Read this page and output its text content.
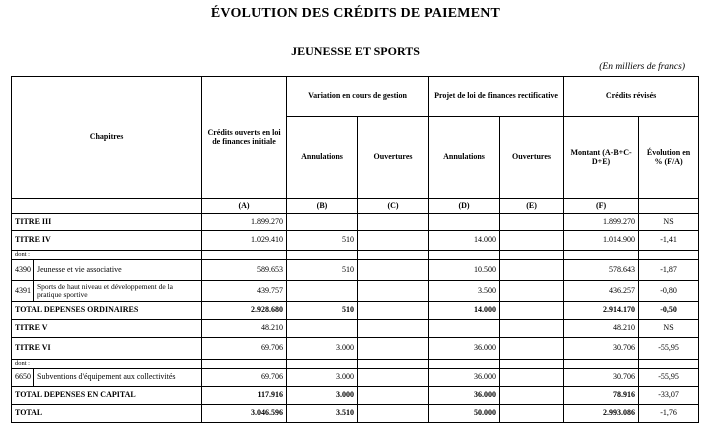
ÉVOLUTION DES CRÉDITS DE PAIEMENT
JEUNESSE ET SPORTS
(En milliers de francs)
Chapitres		Crédits ouverts en loi de finances initiale	Variation en cours de gestion		Projet de loi de finances rectificative		Crédits révisés	
			Annulations	Ouvertures	Annulations	Ouvertures	Montant (A-B+C-D+E)	Évolution en % (F/A)
		(A)	(B)	(C)	(D)	(E)	(F)	
TITRE III		1.899.270					1.899.270	NS
TITRE IV		1.029.410	510		14.000		1.014.900	-1,41
dont :								
4390	Jeunesse et vie associative	589.653	510		10.500		578.643	-1,87
4391	Sports de haut niveau et développement de la pratique sportive	439.757			3.500		436.257	-0,80
TOTAL DEPENSES ORDINAIRES		2.928.680	510		14.000		2.914.170	-0,50
TITRE V		48.210					48.210	NS
TITRE VI		69.706	3.000		36.000		30.706	-55,95
dont :								
6650	Subventions d'équipement aux collectivités	69.706	3.000		36.000		30.706	-55,95
TOTAL DEPENSES EN CAPITAL		117.916	3.000		36.000		78.916	-33,07
TOTAL		3.046.596	3.510		50.000		2.993.086	-1,76
